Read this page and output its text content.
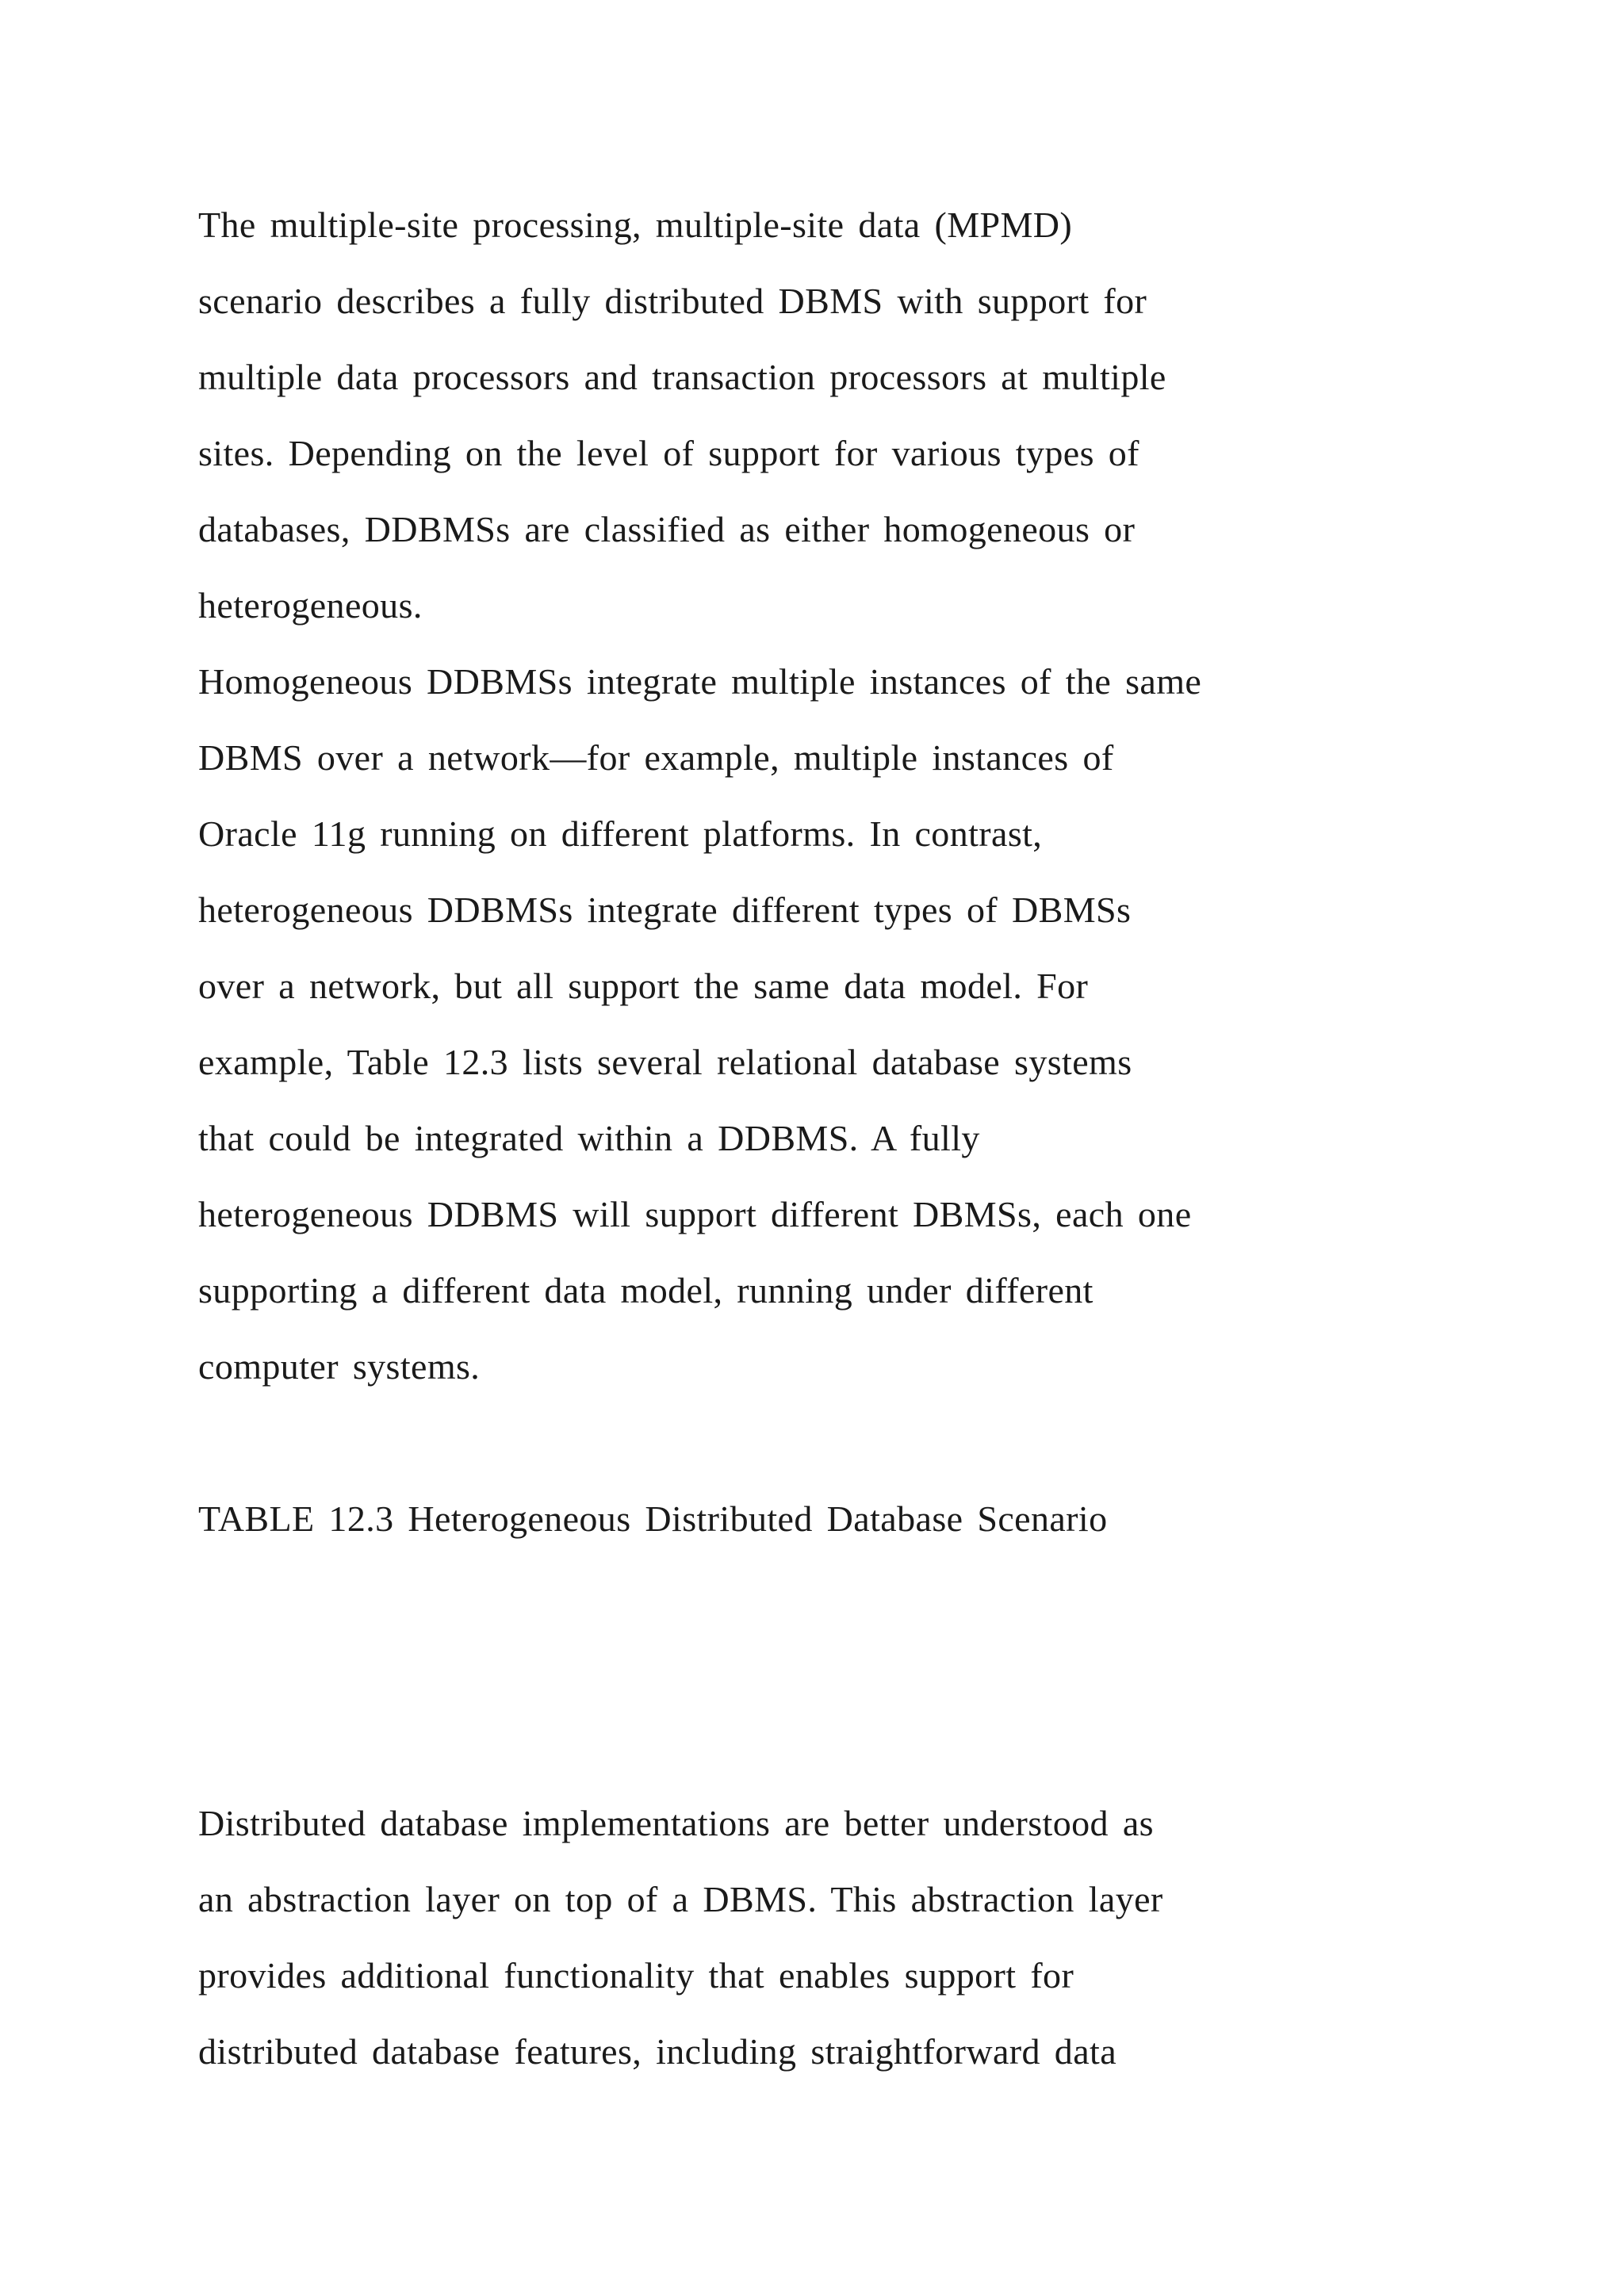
The multiple-site processing, multiple-site data (MPMD)
scenario describes a fully distributed DBMS with support for
multiple data processors and transaction processors at multiple
sites. Depending on the level of support for various types of
databases, DDBMSs are classified as either homogeneous or
heterogeneous.
Homogeneous DDBMSs integrate multiple instances of the same
DBMS over a network—for example, multiple instances of
Oracle 11g running on different platforms. In contrast,
heterogeneous DDBMSs integrate different types of DBMSs
over a network, but all support the same data model. For
example, Table 12.3 lists several relational database systems
that could be integrated within a DDBMS. A fully
heterogeneous DDBMS will support different DBMSs, each one
supporting a different data model, running under different
computer systems.
TABLE 12.3 Heterogeneous Distributed Database Scenario
Distributed database implementations are better understood as
an abstraction layer on top of a DBMS. This abstraction layer
provides additional functionality that enables support for
distributed database features, including straightforward data
